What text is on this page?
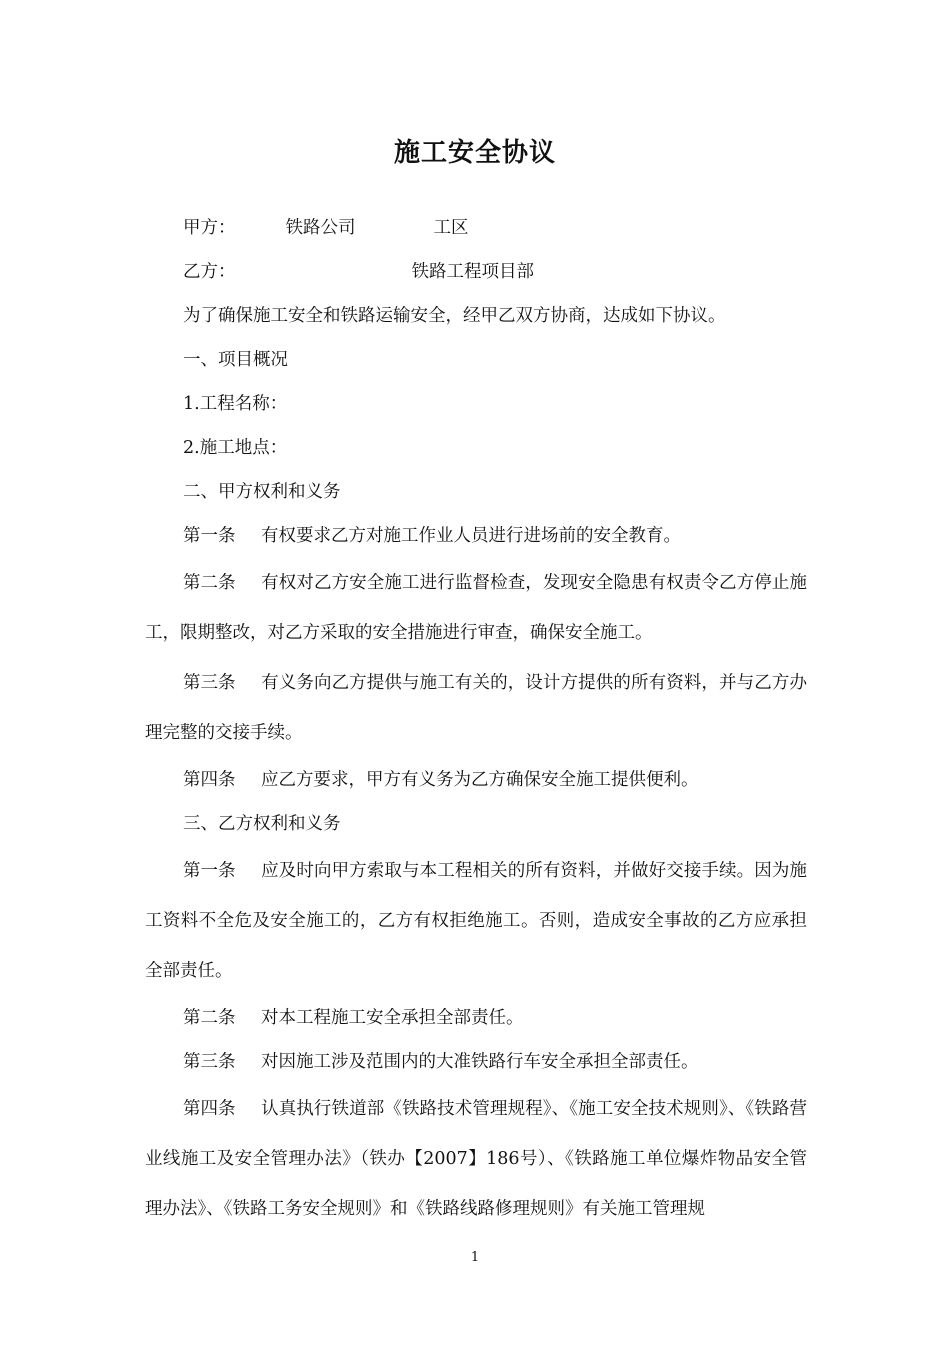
施工安全协议

甲方：	铁路公司	工区

乙方：	铁路工程项目部

为了确保施工安全和铁路运输安全，经甲乙双方协商，达成如下协议。

一、项目概况

1.工程名称：

2.施工地点：

二、甲方权利和义务

第一条 有权要求乙方对施工作业人员进行进场前的安全教育。

第二条 有权对乙方安全施工进行监督检查，发现安全隐患有权责令乙方停止施工，限期整改，对乙方采取的安全措施进行审查，确保安全施工。

第三条 有义务向乙方提供与施工有关的，设计方提供的所有资料，并与乙方办理完整的交接手续。

第四条 应乙方要求，甲方有义务为乙方确保安全施工提供便利。

三、乙方权利和义务

第一条 应及时向甲方索取与本工程相关的所有资料，并做好交接手续。因为施工资料不全危及安全施工的，乙方有权拒绝施工。否则，造成安全事故的乙方应承担全部责任。

第二条 对本工程施工安全承担全部责任。

第三条 对因施工涉及范围内的大准铁路行车安全承担全部责任。

第四条 认真执行铁道部《铁路技术管理规程》、《施工安全技术规则》、《铁路营业线施工及安全管理办法》（铁办【2007】186号）、《铁路施工单位爆炸物品安全管理办法》、《铁路工务安全规则》和《铁路线路修理规则》有关施工管理规

1
